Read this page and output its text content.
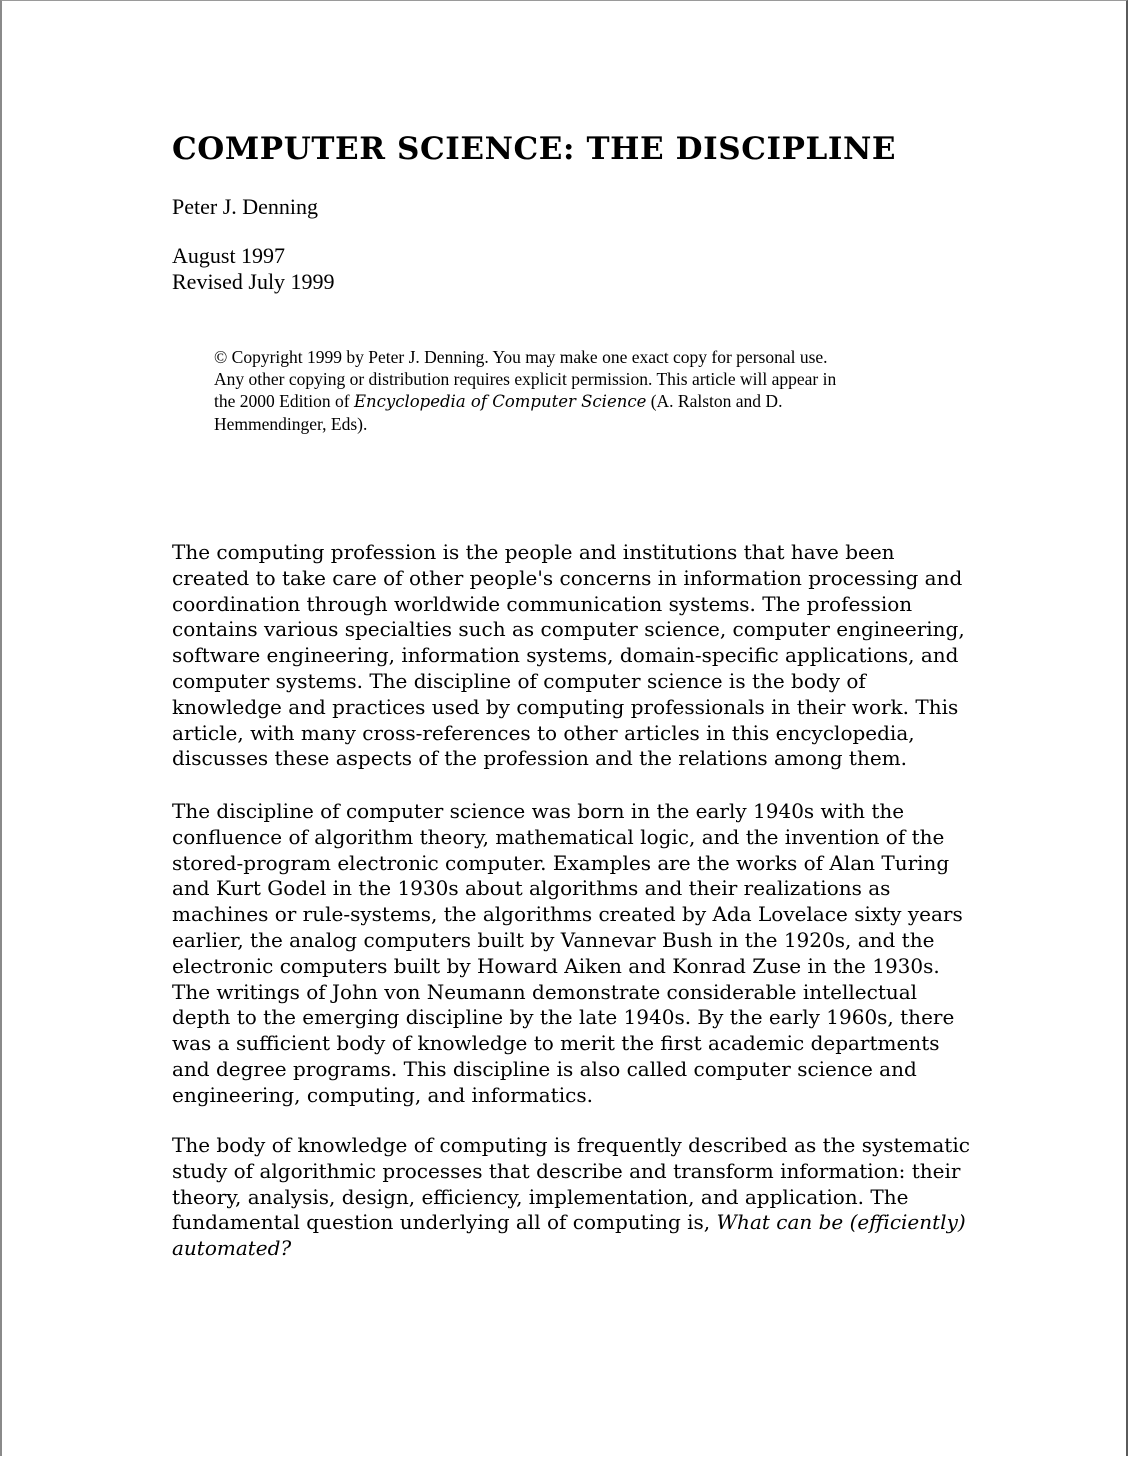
COMPUTER SCIENCE: THE DISCIPLINE
Peter J. Denning
August 1997
Revised July 1999
© Copyright 1999 by Peter J. Denning. You may make one exact copy for personal use. Any other copying or distribution requires explicit permission. This article will appear in the 2000 Edition of Encyclopedia of Computer Science (A. Ralston and D. Hemmendinger, Eds).

The computing profession is the people and institutions that have been created to take care of other people's concerns in information processing and coordination through worldwide communication systems. The profession contains various specialties such as computer science, computer engineering, software engineering, information systems, domain-specific applications, and computer systems. The discipline of computer science is the body of knowledge and practices used by computing professionals in their work. This article, with many cross-references to other articles in this encyclopedia, discusses these aspects of the profession and the relations among them.

The discipline of computer science was born in the early 1940s with the confluence of algorithm theory, mathematical logic, and the invention of the stored-program electronic computer. Examples are the works of Alan Turing and Kurt Godel in the 1930s about algorithms and their realizations as machines or rule-systems, the algorithms created by Ada Lovelace sixty years earlier, the analog computers built by Vannevar Bush in the 1920s, and the electronic computers built by Howard Aiken and Konrad Zuse in the 1930s. The writings of John von Neumann demonstrate considerable intellectual depth to the emerging discipline by the late 1940s. By the early 1960s, there was a sufficient body of knowledge to merit the first academic departments and degree programs. This discipline is also called computer science and engineering, computing, and informatics.

The body of knowledge of computing is frequently described as the systematic study of algorithmic processes that describe and transform information: their theory, analysis, design, efficiency, implementation, and application. The fundamental question underlying all of computing is, What can be (efficiently) automated?
